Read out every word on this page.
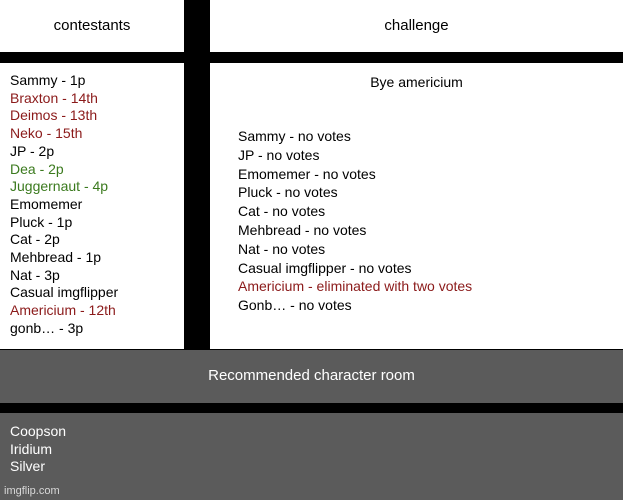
contestants	challenge
Sammy - 1p
Braxton - 14th
Deimos - 13th
Neko - 15th
JP - 2p
Dea - 2p
Juggernaut - 4p
Emomemer
Pluck - 1p
Cat - 2p
Mehbread - 1p
Nat - 3p
Casual imgflipper
Americium - 12th
gonb… - 3p
Bye americium
Sammy - no votes
JP - no votes
Emomemer - no votes
Pluck - no votes
Cat - no votes
Mehbread - no votes
Nat - no votes
Casual imgflipper - no votes
Americium - eliminated with two votes
Gonb… - no votes
Recommended character room
Coopson
Iridium
Silver
imgflip.com
